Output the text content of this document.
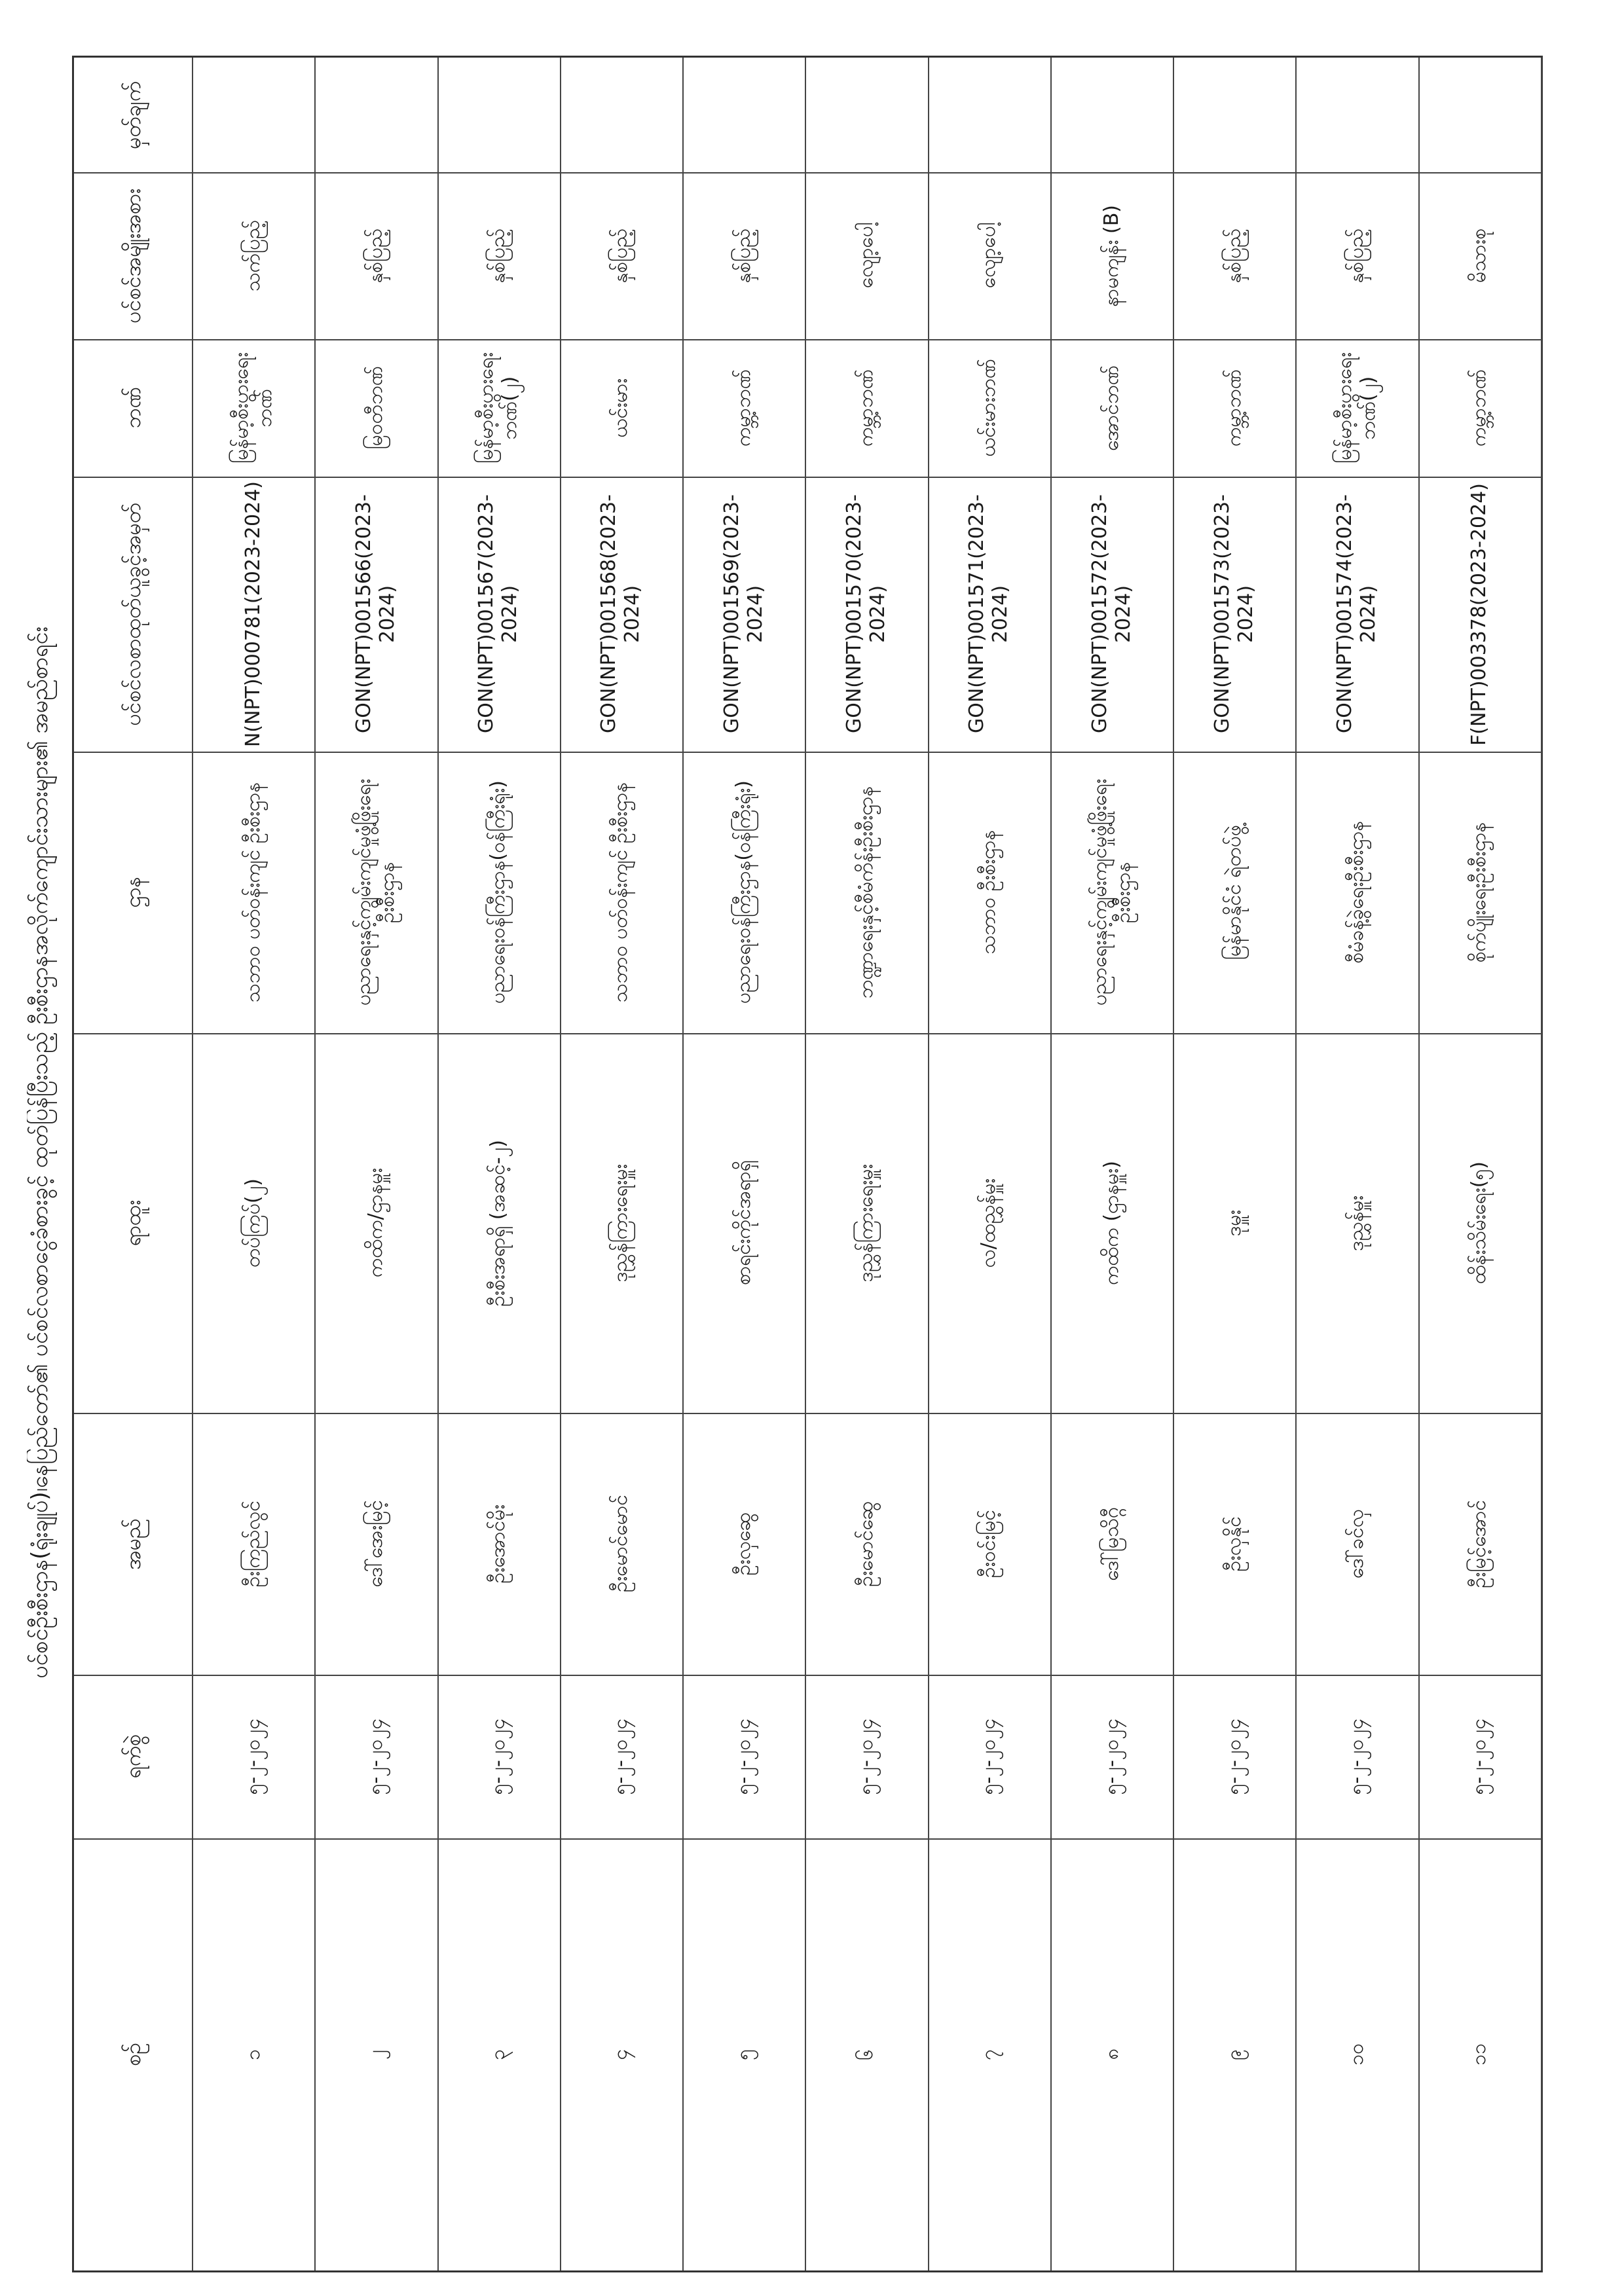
ပင်စင်ဦးစီးဌာန(ရုံးချုပ်)၊နေပြည်တော်၏ ပင်စင်လစာငွေခံစားခွင့် ထုတ်ပြန်ပြီးသည့် ဦးစီးဌာနအလိုက်ကျောင်းသားများ၏ အမည်စာရင်း
မှတ်ချက်
ပင်စင်အမျိုးအစား
ဘဏ်
ပင်စင်လစာထုတ်ယူခွင့်အမှတ်
ဌာန
ရာထူး
အမည်
ရက်စွဲ
စဉ်
သက်ပြည့်
မြန်မာ့စီးပွားရေးဘဏ်
N(NPT)000781(2023-2024)
သဘာဝ ပတ်ဝန်းကျင် ဦးစီးဌာန
တပ်ကြပ်(၂)
ဦးကြည်လွင်
၅-၂-၂၀၂၄
၁
နှစ်ပြည့်
မြဝတီဘဏ်
GON(NPT)001566(2023-2024)
ပညာရေးနှင့်ကျွမ်းကျင်မှုဖွံ့ဖြိုးရေးဦးစီးဌာန
ကထိက/ဌာနမှူး
ဒေါ်အေးမြင့်
၅-၂-၂၀၂၄
၂
နှစ်ပြည့်
မြန်မာ့စီးပွားရေးဘဏ်(၂)
GON(NPT)001567(2023-2024)
ပညာရေးဝန်ကြီးဌာန(ဝန်ကြီးရုံး)
ဦးစီးအရာရှိ (အဆင့်-၂)
ဦးအောင်မိုး
၅-၂-၂၀၂၄
၃
နှစ်ပြည့်
ယင်းမား
GON(NPT)001568(2023-2024)
သဘာဝ ပတ်ဝန်းကျင် ဦးစီးဌာန
ဒုညွှန်ကြားရေးမှူး
ဦးမောင်မောင်
၅-၂-၂၀၂၄
၄
နှစ်ပြည့်
ကမ္ဘာ့ဘဏ်
GON(NPT)001569(2023-2024)
ပညာရေးဝန်ကြီးဌာန(ဝန်ကြီးရုံး)
စာရင်းကိုင်အရာရှိ
ဦးလှဆွေ
၅-၂-၂၀၂၄
၅
လျော့ပေါ့
ကမ္ဘာ့ဘဏ်
GON(NPT)001570(2023-2024)
ဘဏ္ဍာရေးနှင့်စီမံကိန်းဦးစီးဌာန
ဒုညွှန်ကြားရေးမှူး
ဦးမောင်ဆွေ
၅-၂-၂၀၂၄
၆
လျော့ပေါ့
ယင်းမားဘဏ်
GON(NPT)001571(2023-2024)
သဘာဝ ဦးစီးဌာန
လ/ထညွှန်မှူး
ဦးဝင်းမြင့်
၅-၂-၂၀၂၄
၇
နာမကျန်း (B)
အောင်ဘဏ်
GON(NPT)001572(2023-2024)
ပညာရေးနှင့်ကျွမ်းကျင်မှုဖွံ့ဖြိုးရေးဦးစီးဌာန
ကထိက (ဌာနမှူး)
ဒေါ်မြသိဂ္ဂီ
၅-၂-၂၀၂၄
၈
နှစ်ပြည့်
ကမ္ဘာ့ဘဏ်
GON(NPT)001573(2023-2024)
မြန်မာနိုင်ငံ ရဲတပ်ဖွဲ့
ဒုမှူး
ဦးလှနိုင်
၅-၂-၂၀၂၄
၉
နှစ်ပြည့်
မြန်မာ့စီးပွားရေးဘဏ်(၂)
GON(NPT)001574(2023-2024)
စီမံခန့်ခွဲရေးဦးစီးဌာန
ဒုညွှန်မှူး
ဒေါ်ခင်လှ
၅-၂-၂၀၂၄
၁၀
မိသားစု
ကမ္ဘာ့ဘဏ်
F(NPT)003378(2023-2024)
စိုက်ပျိုးရေးဦးစီးဌာန
ထိန်းသိမ်းရေး(၅)
ဦးမြင့်အောင်
၅-၂-၂၀၂၄
၁၁
